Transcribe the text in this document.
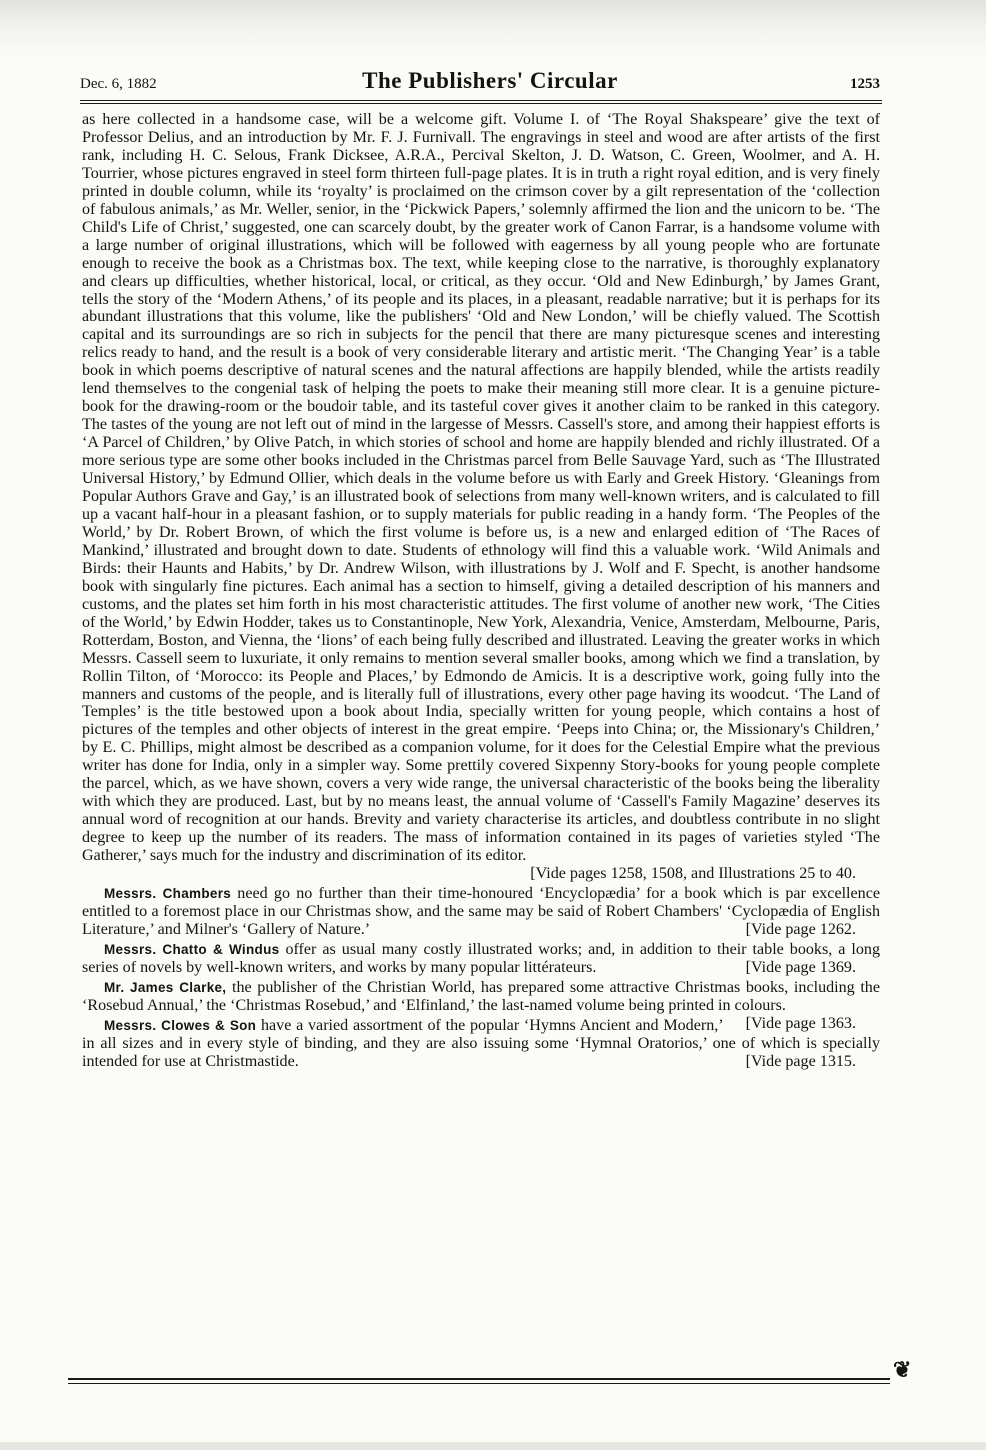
Dec. 6, 1882	The Publishers' Circular	1253

as here collected in a handsome case, will be a welcome gift. Volume I. of ‘The Royal Shakspeare’ give the text of Professor Delius, and an introduction by Mr. F. J. Furnivall. The engravings in steel and wood are after artists of the first rank, including H. C. Selous, Frank Dicksee, A.R.A., Percival Skelton, J. D. Watson, C. Green, Woolmer, and A. H. Tourrier, whose pictures engraved in steel form thirteen full-page plates. It is in truth a right royal edition, and is very finely printed in double column, while its ‘royalty’ is proclaimed on the crimson cover by a gilt representation of the ‘collection of fabulous animals,’ as Mr. Weller, senior, in the ‘Pickwick Papers,’ solemnly affirmed the lion and the unicorn to be. ‘The Child's Life of Christ,’ suggested, one can scarcely doubt, by the greater work of Canon Farrar, is a handsome volume with a large number of original illustrations, which will be followed with eagerness by all young people who are fortunate enough to receive the book as a Christmas box. The text, while keeping close to the narrative, is thoroughly explanatory and clears up difficulties, whether historical, local, or critical, as they occur. ‘Old and New Edinburgh,’ by James Grant, tells the story of the ‘Modern Athens,’ of its people and its places, in a pleasant, readable narrative; but it is perhaps for its abundant illustrations that this volume, like the publishers' ‘Old and New London,’ will be chiefly valued. The Scottish capital and its surroundings are so rich in subjects for the pencil that there are many picturesque scenes and interesting relics ready to hand, and the result is a book of very considerable literary and artistic merit. ‘The Changing Year’ is a table book in which poems descriptive of natural scenes and the natural affections are happily blended, while the artists readily lend themselves to the congenial task of helping the poets to make their meaning still more clear. It is a genuine picture-book for the drawing-room or the boudoir table, and its tasteful cover gives it another claim to be ranked in this category. The tastes of the young are not left out of mind in the largesse of Messrs. Cassell's store, and among their happiest efforts is ‘A Parcel of Children,’ by Olive Patch, in which stories of school and home are happily blended and richly illustrated. Of a more serious type are some other books included in the Christmas parcel from Belle Sauvage Yard, such as ‘The Illustrated Universal History,’ by Edmund Ollier, which deals in the volume before us with Early and Greek History. ‘Gleanings from Popular Authors Grave and Gay,’ is an illustrated book of selections from many well-known writers, and is calculated to fill up a vacant half-hour in a pleasant fashion, or to supply materials for public reading in a handy form. ‘The Peoples of the World,’ by Dr. Robert Brown, of which the first volume is before us, is a new and enlarged edition of ‘The Races of Mankind,’ illustrated and brought down to date. Students of ethnology will find this a valuable work. ‘Wild Animals and Birds: their Haunts and Habits,’ by Dr. Andrew Wilson, with illustrations by J. Wolf and F. Specht, is another handsome book with singularly fine pictures. Each animal has a section to himself, giving a detailed description of his manners and customs, and the plates set him forth in his most characteristic attitudes. The first volume of another new work, ‘The Cities of the World,’ by Edwin Hodder, takes us to Constantinople, New York, Alexandria, Venice, Amsterdam, Melbourne, Paris, Rotterdam, Boston, and Vienna, the ‘lions’ of each being fully described and illustrated. Leaving the greater works in which Messrs. Cassell seem to luxuriate, it only remains to mention several smaller books, among which we find a translation, by Rollin Tilton, of ‘Morocco: its People and Places,’ by Edmondo de Amicis. It is a descriptive work, going fully into the manners and customs of the people, and is literally full of illustrations, every other page having its woodcut. ‘The Land of Temples’ is the title bestowed upon a book about India, specially written for young people, which contains a host of pictures of the temples and other objects of interest in the great empire. ‘Peeps into China; or, the Missionary's Children,’ by E. C. Phillips, might almost be described as a companion volume, for it does for the Celestial Empire what the previous writer has done for India, only in a simpler way. Some prettily covered Sixpenny Story-books for young people complete the parcel, which, as we have shown, covers a very wide range, the universal characteristic of the books being the liberality with which they are produced. Last, but by no means least, the annual volume of ‘Cassell's Family Magazine’ deserves its annual word of recognition at our hands. Brevity and variety characterise its articles, and doubtless contribute in no slight degree to keep up the number of its readers. The mass of information contained in its pages of varieties styled ‘The Gatherer,’ says much for the industry and discrimination of its editor.

[Vide pages 1258, 1508, and Illustrations 25 to 40.

Messrs. Chambers need go no further than their time-honoured ‘Encyclopædia’ for a book which is par excellence entitled to a foremost place in our Christmas show, and the same may be said of Robert Chambers' ‘Cyclopædia of English Literature,’ and Milner's ‘Gallery of Nature.’	[Vide page 1262.

Messrs. Chatto & Windus offer as usual many costly illustrated works; and, in addition to their table books, a long series of novels by well-known writers, and works by many popular littérateurs.	[Vide page 1369.

Mr. James Clarke, the publisher of the Christian World, has prepared some attractive Christmas books, including the ‘Rosebud Annual,’ the ‘Christmas Rosebud,’ and ‘Elfinland,’ the last-named volume being printed in colours.
[Vide page 1363.

Messrs. Clowes & Son have a varied assortment of the popular ‘Hymns Ancient and Modern,’ in all sizes and in every style of binding, and they are also issuing some ‘Hymnal Oratorios,’ one of which is specially intended for use at Christmastide.	[Vide page 1315.

❦
